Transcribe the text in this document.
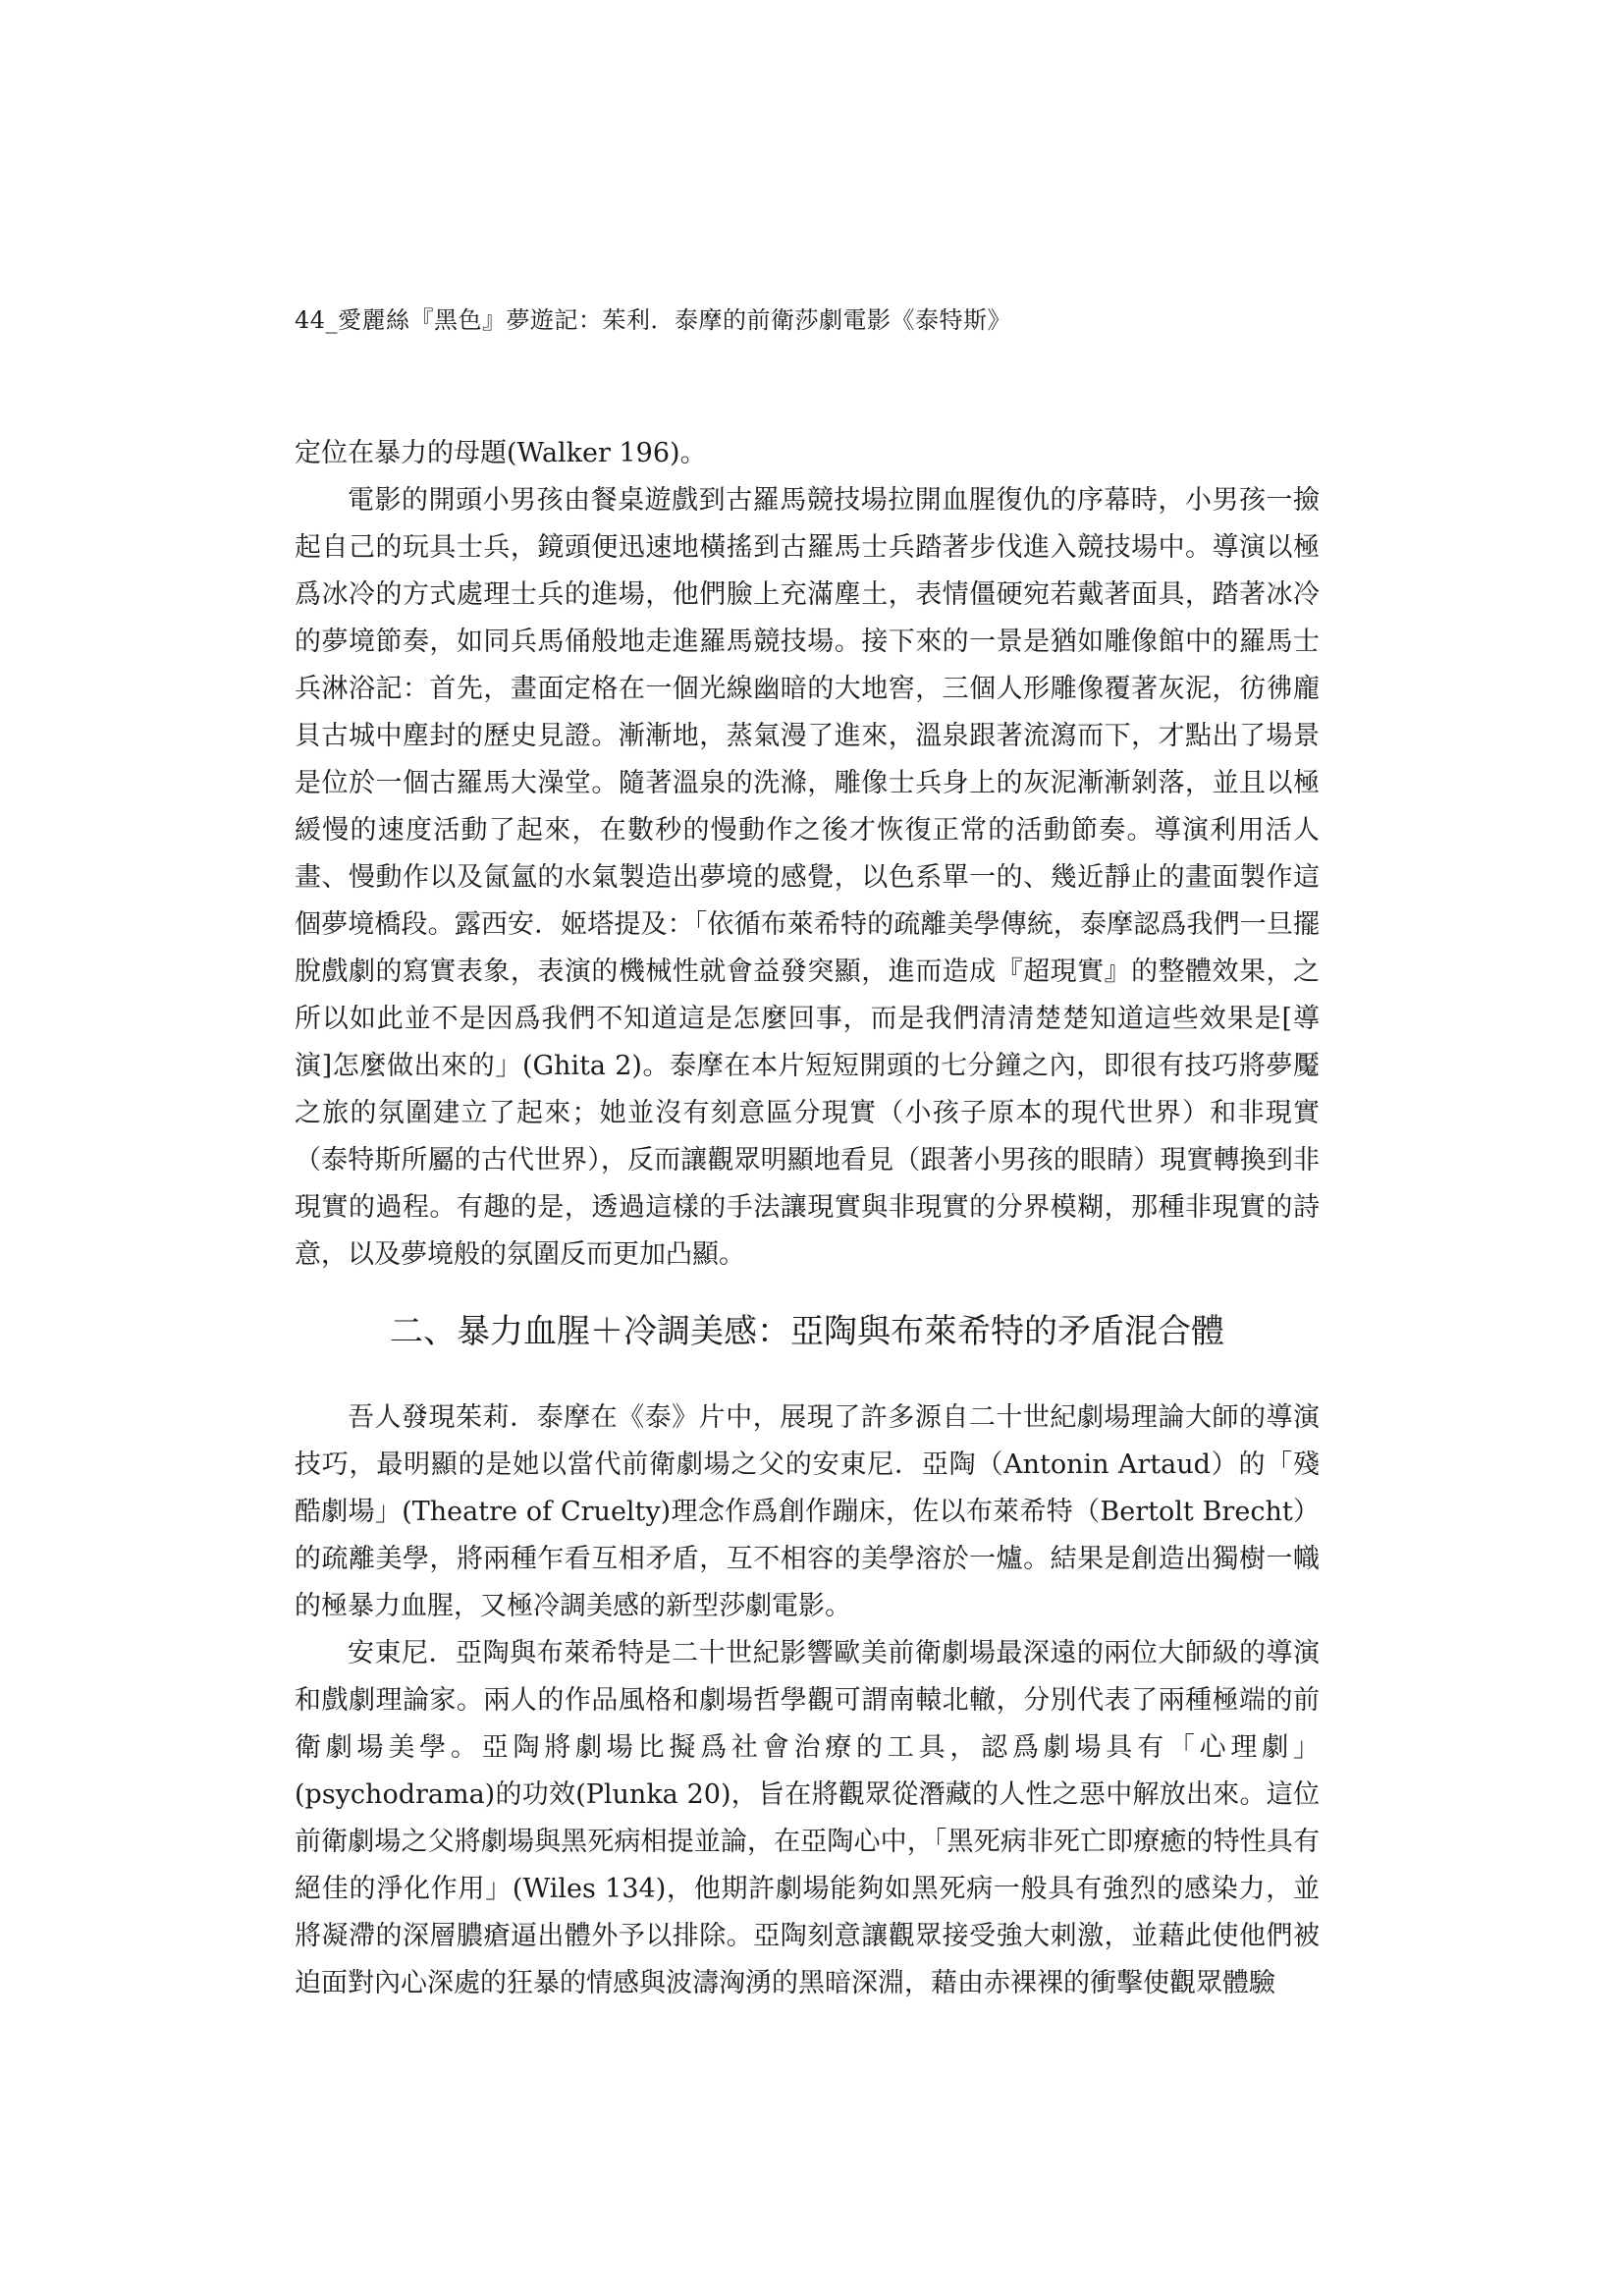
44_愛麗絲『黑色』夢遊記：茱利．泰摩的前衛莎劇電影《泰特斯》

定位在暴力的母題(Walker 196)。

電影的開頭小男孩由餐桌遊戲到古羅馬競技場拉開血腥復仇的序幕時，小男孩一撿起自己的玩具士兵，鏡頭便迅速地橫搖到古羅馬士兵踏著步伐進入競技場中。導演以極爲冰冷的方式處理士兵的進場，他們臉上充滿塵土，表情僵硬宛若戴著面具，踏著冰冷的夢境節奏，如同兵馬俑般地走進羅馬競技場。接下來的一景是猶如雕像館中的羅馬士兵淋浴記：首先，畫面定格在一個光線幽暗的大地窖，三個人形雕像覆著灰泥，彷彿龐貝古城中塵封的歷史見證。漸漸地，蒸氣漫了進來，溫泉跟著流瀉而下，才點出了場景是位於一個古羅馬大澡堂。隨著溫泉的洗滌，雕像士兵身上的灰泥漸漸剝落，並且以極緩慢的速度活動了起來，在數秒的慢動作之後才恢復正常的活動節奏。導演利用活人畫、慢動作以及氤氳的水氣製造出夢境的感覺，以色系單一的、幾近靜止的畫面製作這個夢境橋段。露西安．姬塔提及：「依循布萊希特的疏離美學傳統，泰摩認爲我們一旦擺脫戲劇的寫實表象，表演的機械性就會益發突顯，進而造成『超現實』的整體效果，之所以如此並不是因爲我們不知道這是怎麼回事，而是我們清清楚楚知道這些效果是[導演]怎麼做出來的」(Ghita 2)。泰摩在本片短短開頭的七分鐘之內，即很有技巧將夢魘之旅的氛圍建立了起來；她並沒有刻意區分現實（小孩子原本的現代世界）和非現實（泰特斯所屬的古代世界），反而讓觀眾明顯地看見（跟著小男孩的眼睛）現實轉換到非現實的過程。有趣的是，透過這樣的手法讓現實與非現實的分界模糊，那種非現實的詩意，以及夢境般的氛圍反而更加凸顯。

二、暴力血腥＋冷調美感：亞陶與布萊希特的矛盾混合體

吾人發現茱莉．泰摩在《泰》片中，展現了許多源自二十世紀劇場理論大師的導演技巧，最明顯的是她以當代前衛劇場之父的安東尼．亞陶（Antonin Artaud）的「殘酷劇場」(Theatre of Cruelty)理念作爲創作蹦床，佐以布萊希特（Bertolt Brecht）的疏離美學，將兩種乍看互相矛盾，互不相容的美學溶於一爐。結果是創造出獨樹一幟的極暴力血腥，又極冷調美感的新型莎劇電影。

安東尼．亞陶與布萊希特是二十世紀影響歐美前衛劇場最深遠的兩位大師級的導演和戲劇理論家。兩人的作品風格和劇場哲學觀可謂南轅北轍，分別代表了兩種極端的前衛劇場美學。亞陶將劇場比擬爲社會治療的工具，認爲劇場具有「心理劇」(psychodrama)的功效(Plunka 20)，旨在將觀眾從潛藏的人性之惡中解放出來。這位前衛劇場之父將劇場與黑死病相提並論，在亞陶心中，「黑死病非死亡即療癒的特性具有絕佳的淨化作用」(Wiles 134)，他期許劇場能夠如黑死病一般具有強烈的感染力，並將凝滯的深層膿瘡逼出體外予以排除。亞陶刻意讓觀眾接受強大刺激，並藉此使他們被迫面對內心深處的狂暴的情感與波濤洶湧的黑暗深淵，藉由赤裸裸的衝擊使觀眾體驗
